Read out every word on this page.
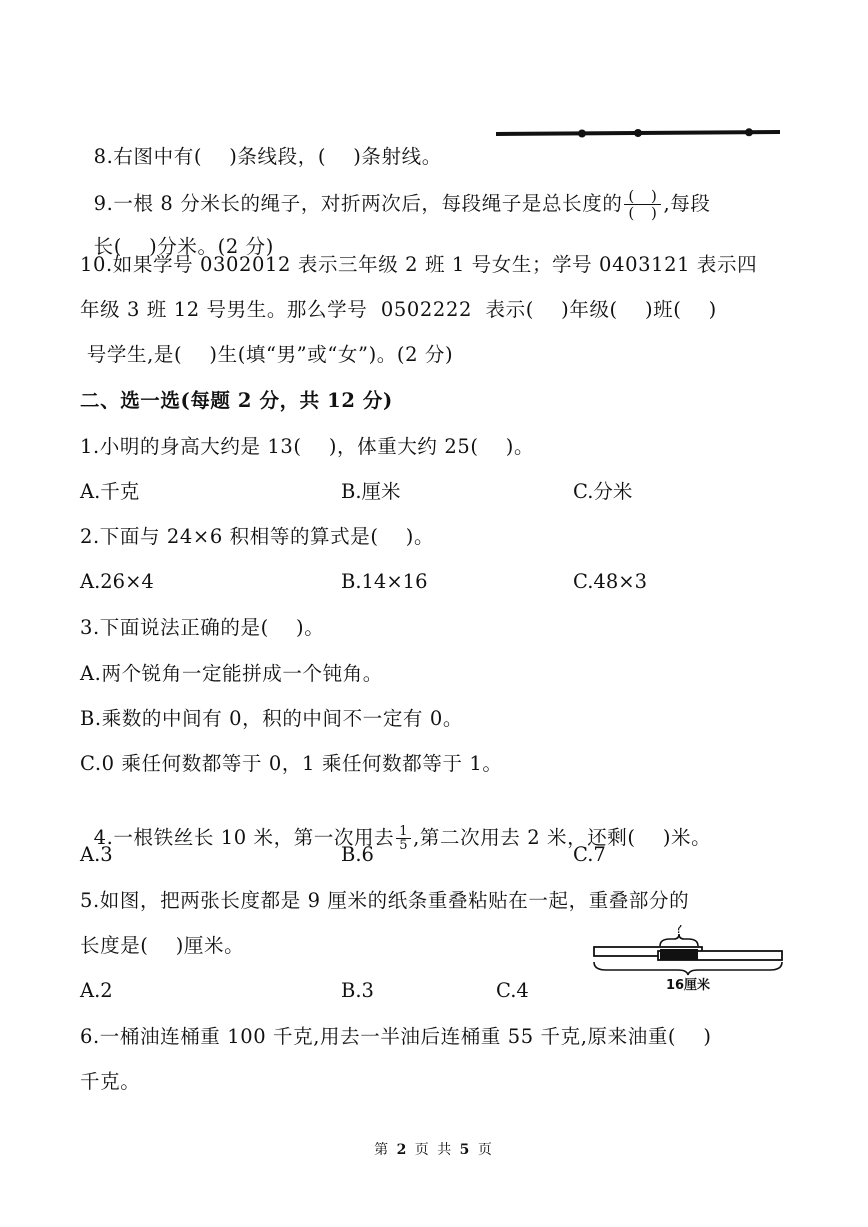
8.右图中有(    )条线段，(    )条射线。

9.一根 8 分米长的绳子，对折两次后，每段绳子是总长度的 $\frac{( )}{( )}$ ,每段

长(    )分米。(2 分)

10.如果学号 0302012 表示三年级 2 班 1 号女生；学号 0403121 表示四
年级 3 班 12 号男生。那么学号  0502222  表示(    )年级(    )班(    )
号学生,是(    )生(填“男”或“女”)。(2 分)
二、选一选(每题 2 分，共 12 分)
1.小明的身高大约是 13(    )，体重大约 25(    )。
A.千克	B.厘米	C.分米
2.下面与 24×6 积相等的算式是(    )。
A.26×4	B.14×16	C.48×3
3.下面说法正确的是(    )。
A.两个锐角一定能拼成一个钝角。
B.乘数的中间有 0，积的中间不一定有 0。
C.0 乘任何数都等于 0，1 乘任何数都等于 1。

4.一根铁丝长 10 米，第一次用去 $\frac{1}{5}$ ,第二次用去 2 米，还剩(    )米。

A.3	B.6	C.7
5.如图，把两张长度都是 9 厘米的纸条重叠粘贴在一起，重叠部分的
长度是(    )厘米。
?
16厘米
A.2	B.3	C.4
6.一桶油连桶重 100 千克,用去一半油后连桶重 55 千克,原来油重(    )
千克。
第 2 页 共 5 页
